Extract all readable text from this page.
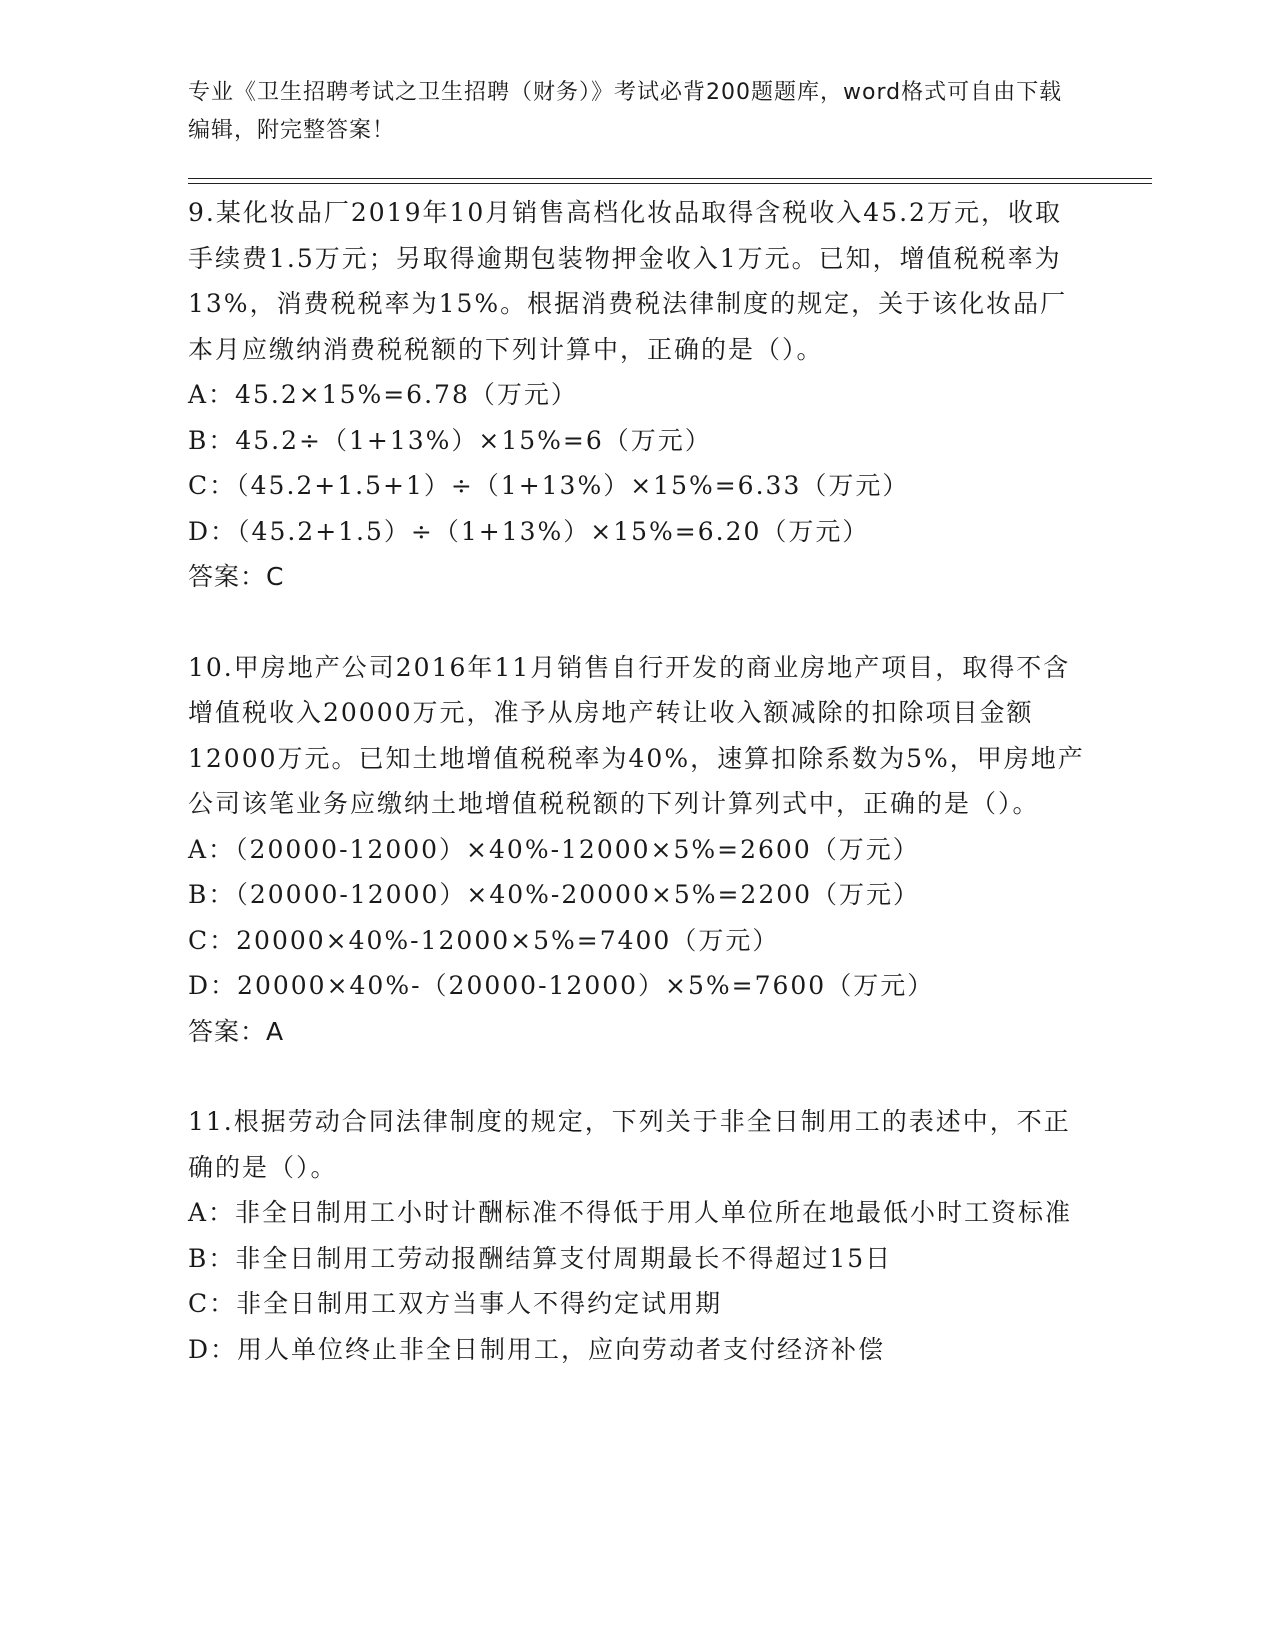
专业《卫生招聘考试之卫生招聘（财务）》考试必背200题题库，word格式可自由下载编辑，附完整答案！

9.某化妆品厂2019年10月销售高档化妆品取得含税收入45.2万元，收取手续费1.5万元；另取得逾期包装物押金收入1万元。已知，增值税税率为13%，消费税税率为15%。根据消费税法律制度的规定，关于该化妆品厂本月应缴纳消费税税额的下列计算中，正确的是（）。

A：45.2×15%=6.78（万元）

B：45.2÷（1+13%）×15%=6（万元）

C：（45.2+1.5+1）÷（1+13%）×15%=6.33（万元）

D：（45.2+1.5）÷（1+13%）×15%=6.20（万元）

答案：C

10.甲房地产公司2016年11月销售自行开发的商业房地产项目，取得不含增值税收入20000万元，准予从房地产转让收入额减除的扣除项目金额12000万元。已知土地增值税税率为40%，速算扣除系数为5%，甲房地产公司该笔业务应缴纳土地增值税税额的下列计算列式中，正确的是（）。

A：（20000-12000）×40%-12000×5%=2600（万元）

B：（20000-12000）×40%-20000×5%=2200（万元）

C：20000×40%-12000×5%=7400（万元）

D：20000×40%-（20000-12000）×5%=7600（万元）

答案：A

11.根据劳动合同法律制度的规定，下列关于非全日制用工的表述中，不正确的是（）。

A：非全日制用工小时计酬标准不得低于用人单位所在地最低小时工资标准

B：非全日制用工劳动报酬结算支付周期最长不得超过15日

C：非全日制用工双方当事人不得约定试用期

D：用人单位终止非全日制用工，应向劳动者支付经济补偿
